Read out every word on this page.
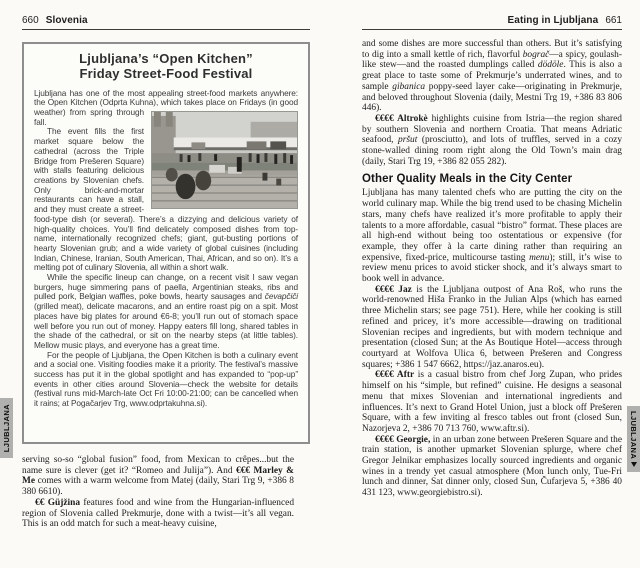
660 Slovenia
Ljubljana’s “Open Kitchen”
Friday Street-Food Festival

Ljubljana has one of the most appealing street-food markets anywhere: the Open Kitchen (Odprta Kuhna), which takes place on Fridays (in good weather) from spring through fall.

The event fills the first market square below the cathedral (across the Triple Bridge from Prešeren Square) with stalls featuring delicious creations by Slovenian chefs. Only brick-and-mortar restaurants can have a stall, and they must create a street-food-type dish (or several). There’s a dizzying and delicious variety of high-quality choices. You’ll find delicately composed dishes from top-name, internationally recognized chefs; giant, gut-busting portions of hearty Slovenian grub; and a wide variety of global cuisines (including Indian, Chinese, Iranian, South American, Thai, African, and so on). It’s a melting pot of culinary Slovenia, all within a short walk.

While the specific lineup can change, on a recent visit I saw vegan burgers, huge simmering pans of paella, Argentinian steaks, ribs and pulled pork, Belgian waffles, poke bowls, hearty sausages and čevapčiči (grilled meat), delicate macarons, and an entire roast pig on a spit. Most places have big plates for around €6-8; you’ll run out of stomach space well before you run out of money. Happy eaters fill long, shared tables in the shade of the cathedral, or sit on the nearby steps (at little tables). Mellow music plays, and everyone has a great time.

For the people of Ljubljana, the Open Kitchen is both a culinary event and a social one. Visiting foodies make it a priority. The festival’s massive success has put it in the global spotlight and has expanded to “pop-up” events in other cities around Slovenia—check the website for details (festival runs mid-March-late Oct Fri 10:00-21:00; can be cancelled when it rains; at Pogačarjev Trg, www.odprtakuhna.si).

serving so-so “global fusion” food, from Mexican to crêpes...but the name sure is clever (get it? “Romeo and Julija”). And €€€ Marley & Me comes with a warm welcome from Matej (daily, Stari Trg 9, +386 8 380 6610).

€€ Güjžina features food and wine from the Hungarian-influenced region of Slovenia called Prekmurje, done with a twist—it’s all vegan. This is an odd match for such a meat-heavy cuisine,

Eating in Ljubljana 661

and some dishes are more successful than others. But it’s satisfying to dig into a small kettle of rich, flavorful bograč—a spicy, goulash-like stew—and the roasted dumplings called dödöle. This is also a great place to taste some of Prekmurje’s underrated wines, and to sample gibanica poppy-seed layer cake—originating in Prekmurje, and beloved throughout Slovenia (daily, Mestni Trg 19, +386 83 806 446).

€€€€ Altrokè highlights cuisine from Istria—the region shared by southern Slovenia and northern Croatia. That means Adriatic seafood, pršut (prosciutto), and lots of truffles, served in a cozy stone-walled dining room right along the Old Town’s main drag (daily, Stari Trg 19, +386 82 055 282).

Other Quality Meals in the City Center

Ljubljana has many talented chefs who are putting the city on the world culinary map. While the big trend used to be chasing Michelin stars, many chefs have realized it’s more profitable to apply their talents to a more affordable, casual “bistro” format. These places are all high-end without being too ostentatious or expensive (for example, they offer à la carte dining rather than requiring an expensive, fixed-price, multicourse tasting menu); still, it’s wise to review menu prices to avoid sticker shock, and it’s always smart to book well in advance.

€€€€ Jaz is the Ljubljana outpost of Ana Roš, who runs the world-renowned Hiša Franko in the Julian Alps (which has earned three Michelin stars; see page 751). Here, while her cooking is still refined and pricey, it’s more accessible—drawing on traditional Slovenian recipes and ingredients, but with modern technique and presentation (closed Sun; at the As Boutique Hotel—access through courtyard at Wolfova Ulica 6, between Prešeren and Congress squares; +386 1 547 6662, https://jaz.anaros.eu).

€€€€ Aftr is a casual bistro from chef Jorg Zupan, who prides himself on his “simple, but refined” cuisine. He designs a seasonal menu that mixes Slovenian and international ingredients and influences. It’s next to Grand Hotel Union, just a block off Prešeren Square, with a few inviting al fresco tables out front (closed Sun, Nazorjeva 2, +386 70 713 760, www.aftr.si).

€€€€ Georgie, in an urban zone between Prešeren Square and the train station, is another upmarket Slovenian splurge, where chef Gregor Jelnikar emphasizes locally sourced ingredients and organic wines in a trendy yet casual atmosphere (Mon lunch only, Tue-Fri lunch and dinner, Sat dinner only, closed Sun, Čufarjeva 5, +386 40 431 123, www.georgiebistro.si).

LJUBLJANA	LJUBLJANA
